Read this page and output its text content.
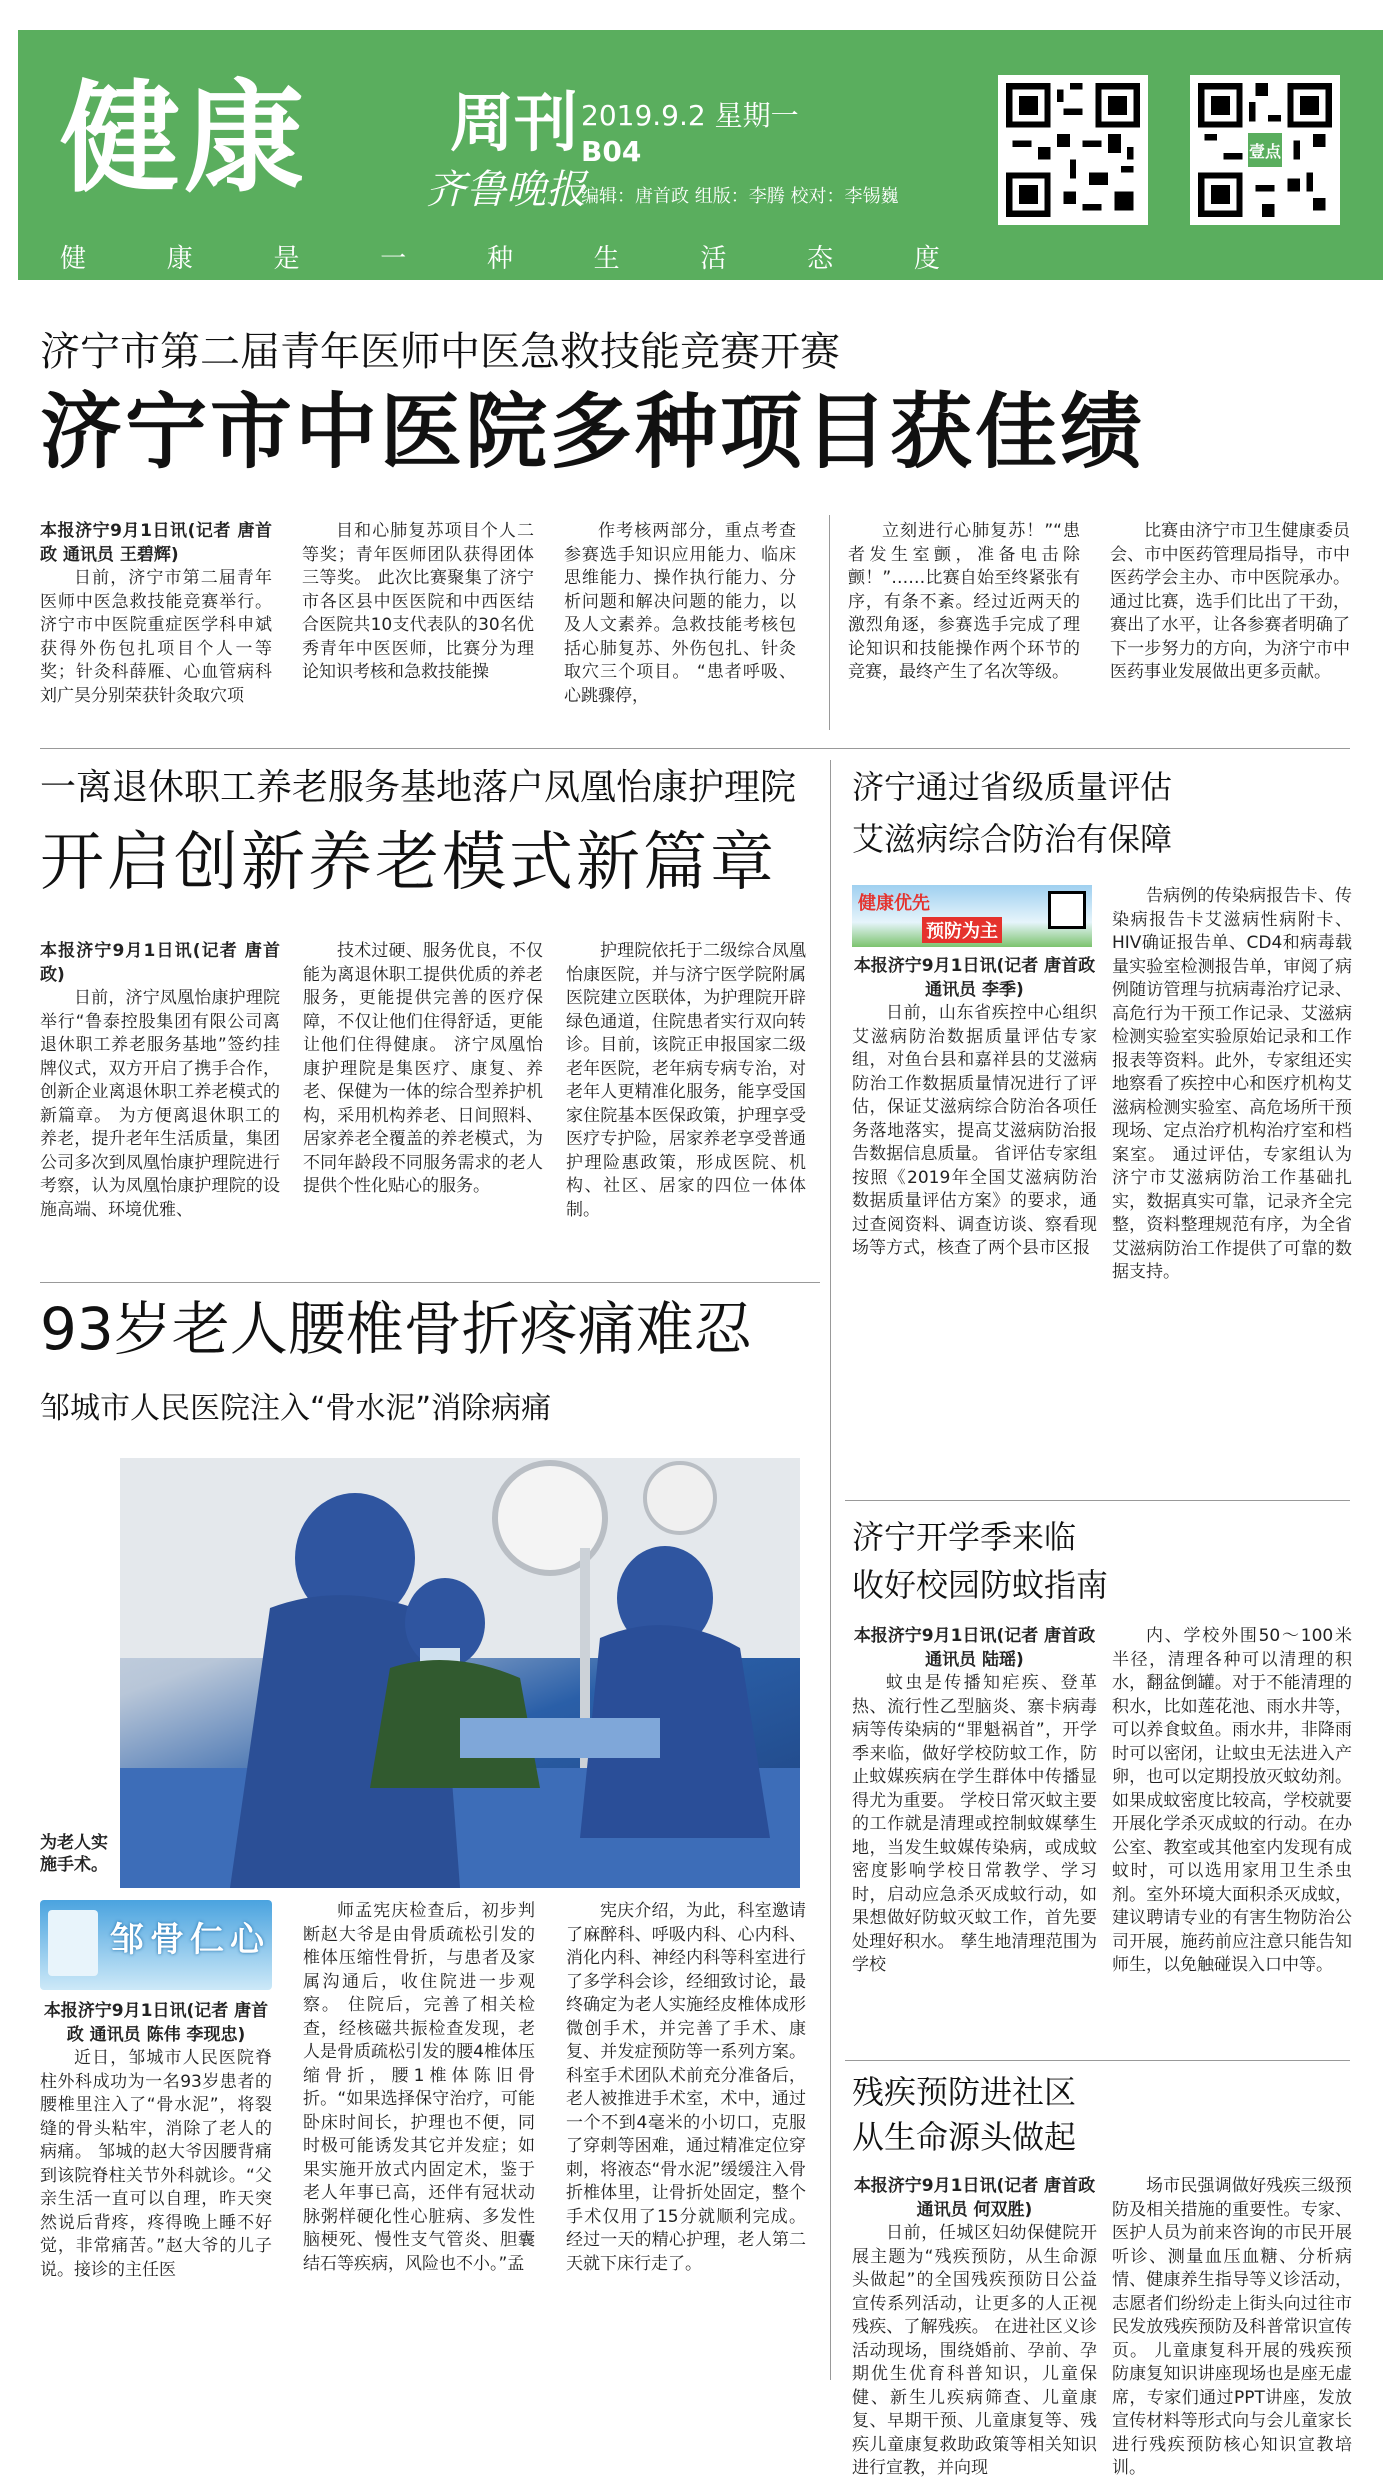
健康 周刊
齐鲁晚报
2019.9.2 星期一
B04
编辑：唐首政 组版：李腾 校对：李锡巍
健	康	是	一	种	生	活	态	度
壹点
济宁市第二届青年医师中医急救技能竞赛开赛
济宁市中医院多种项目获佳绩

本报济宁9月1日讯(记者 唐首政 通讯员 王碧辉)

日前，济宁市第二届青年医师中医急救技能竞赛举行。济宁市中医院重症医学科申斌获得外伤包扎项目个人一等奖；针灸科薛雁、心血管病科刘广昊分别荣获针灸取穴项

目和心肺复苏项目个人二等奖；青年医师团队获得团体三等奖。 此次比赛聚集了济宁市各区县中医医院和中西医结合医院共10支代表队的30名优秀青年中医医师，比赛分为理论知识考核和急救技能操

作考核两部分，重点考查参赛选手知识应用能力、临床思维能力、操作执行能力、分析问题和解决问题的能力，以及人文素养。急救技能考核包括心肺复苏、外伤包扎、针灸取穴三个项目。 “患者呼吸、心跳骤停，

立刻进行心肺复苏！”“患者发生室颤，准备电击除颤！”……比赛自始至终紧张有序，有条不紊。经过近两天的激烈角逐，参赛选手完成了理论知识和技能操作两个环节的竞赛，最终产生了名次等级。

比赛由济宁市卫生健康委员会、市中医药管理局指导，市中医药学会主办、市中医院承办。通过比赛，选手们比出了干劲，赛出了水平，让各参赛者明确了下一步努力的方向，为济宁市中医药事业发展做出更多贡献。

一离退休职工养老服务基地落户凤凰怡康护理院
开启创新养老模式新篇章

本报济宁9月1日讯(记者 唐首政)

日前，济宁凤凰怡康护理院举行“鲁泰控股集团有限公司离退休职工养老服务基地”签约挂牌仪式，双方开启了携手合作，创新企业离退休职工养老模式的新篇章。 为方便离退休职工的养老，提升老年生活质量，集团公司多次到凤凰怡康护理院进行考察，认为凤凰怡康护理院的设施高端、环境优雅、

技术过硬、服务优良，不仅能为离退休职工提供优质的养老服务，更能提供完善的医疗保障，不仅让他们住得舒适，更能让他们住得健康。 济宁凤凰怡康护理院是集医疗、康复、养老、保健为一体的综合型养护机构，采用机构养老、日间照料、居家养老全覆盖的养老模式，为不同年龄段不同服务需求的老人提供个性化贴心的服务。

护理院依托于二级综合凤凰怡康医院，并与济宁医学院附属医院建立医联体，为护理院开辟绿色通道，住院患者实行双向转诊。目前，该院正申报国家二级老年医院，老年病专病专治，对老年人更精准化服务，能享受国家住院基本医保政策，护理享受医疗专护险，居家养老享受普通护理险惠政策，形成医院、机构、社区、居家的四位一体体制。

济宁通过省级质量评估
艾滋病综合防治有保障
健康优先
预防为主

本报济宁9月1日讯(记者 唐首政 通讯员 李季)

日前，山东省疾控中心组织艾滋病防治数据质量评估专家组，对鱼台县和嘉祥县的艾滋病防治工作数据质量情况进行了评估，保证艾滋病综合防治各项任务落地落实，提高艾滋病防治报告数据信息质量。 省评估专家组按照《2019年全国艾滋病防治数据质量评估方案》的要求，通过查阅资料、调查访谈、察看现场等方式，核查了两个县市区报

告病例的传染病报告卡、传染病报告卡艾滋病性病附卡、HIV确证报告单、CD4和病毒载量实验室检测报告单，审阅了病例随访管理与抗病毒治疗记录、高危行为干预工作记录、艾滋病检测实验室实验原始记录和工作报表等资料。此外，专家组还实地察看了疾控中心和医疗机构艾滋病检测实验室、高危场所干预现场、定点治疗机构治疗室和档案室。 通过评估，专家组认为济宁市艾滋病防治工作基础扎实，数据真实可靠，记录齐全完整，资料整理规范有序，为全省艾滋病防治工作提供了可靠的数据支持。

93岁老人腰椎骨折疼痛难忍
邹城市人民医院注入“骨水泥”消除病痛
为老人实施手术。
邹骨仁心

本报济宁9月1日讯(记者 唐首政 通讯员 陈伟 李现忠)

近日，邹城市人民医院脊柱外科成功为一名93岁患者的腰椎里注入了“骨水泥”，将裂缝的骨头粘牢，消除了老人的病痛。 邹城的赵大爷因腰背痛到该院脊柱关节外科就诊。“父亲生活一直可以自理，昨天突然说后背疼，疼得晚上睡不好觉，非常痛苦。”赵大爷的儿子说。接诊的主任医

师孟宪庆检查后，初步判断赵大爷是由骨质疏松引发的椎体压缩性骨折，与患者及家属沟通后，收住院进一步观察。 住院后，完善了相关检查，经核磁共振检查发现，老人是骨质疏松引发的腰4椎体压缩骨折，腰1椎体陈旧骨折。“如果选择保守治疗，可能卧床时间长，护理也不便，同时极可能诱发其它并发症；如果实施开放式内固定术，鉴于老人年事已高，还伴有冠状动脉粥样硬化性心脏病、多发性脑梗死、慢性支气管炎、胆囊结石等疾病，风险也不小。”孟

宪庆介绍，为此，科室邀请了麻醉科、呼吸内科、心内科、消化内科、神经内科等科室进行了多学科会诊，经细致讨论，最终确定为老人实施经皮椎体成形微创手术，并完善了手术、康复、并发症预防等一系列方案。 科室手术团队术前充分准备后，老人被推进手术室，术中，通过一个不到4毫米的小切口，克服了穿刺等困难，通过精准定位穿刺，将液态“骨水泥”缓缓注入骨折椎体里，让骨折处固定，整个手术仅用了15分就顺利完成。经过一天的精心护理，老人第二天就下床行走了。

济宁开学季来临
收好校园防蚊指南

本报济宁9月1日讯(记者 唐首政 通讯员 陆瑶)

蚊虫是传播知疟疾、登革热、流行性乙型脑炎、寨卡病毒病等传染病的“罪魁祸首”，开学季来临，做好学校防蚊工作，防止蚊媒疾病在学生群体中传播显得尤为重要。 学校日常灭蚊主要的工作就是清理或控制蚊媒孳生地，当发生蚊媒传染病，或成蚊密度影响学校日常教学、学习时，启动应急杀灭成蚊行动，如果想做好防蚊灭蚊工作，首先要处理好积水。 孳生地清理范围为学校

内、学校外围50～100米半径，清理各种可以清理的积水，翻盆倒罐。对于不能清理的积水，比如莲花池、雨水井等，可以养食蚊鱼。雨水井，非降雨时可以密闭，让蚊虫无法进入产卵，也可以定期投放灭蚊幼剂。 如果成蚊密度比较高，学校就要开展化学杀灭成蚊的行动。在办公室、教室或其他室内发现有成蚊时，可以选用家用卫生杀虫剂。室外环境大面积杀灭成蚊，建议聘请专业的有害生物防治公司开展，施药前应注意只能告知师生，以免触碰误入口中等。

残疾预防进社区
从生命源头做起

本报济宁9月1日讯(记者 唐首政 通讯员 何双胜)

日前，任城区妇幼保健院开展主题为“残疾预防，从生命源头做起”的全国残疾预防日公益宣传系列活动，让更多的人正视残疾、了解残疾。 在进社区义诊活动现场，围绕婚前、孕前、孕期优生优育科普知识，儿童保健、新生儿疾病筛查、儿童康复、早期干预、儿童康复等、残疾儿童康复救助政策等相关知识进行宣教，并向现

场市民强调做好残疾三级预防及相关措施的重要性。专家、医护人员为前来咨询的市民开展听诊、测量血压血糖、分析病情、健康养生指导等义诊活动，志愿者们纷纷走上街头向过往市民发放残疾预防及科普常识宣传页。 儿童康复科开展的残疾预防康复知识讲座现场也是座无虚席，专家们通过PPT讲座，发放宣传材料等形式向与会儿童家长进行残疾预防核心知识宣教培训。
